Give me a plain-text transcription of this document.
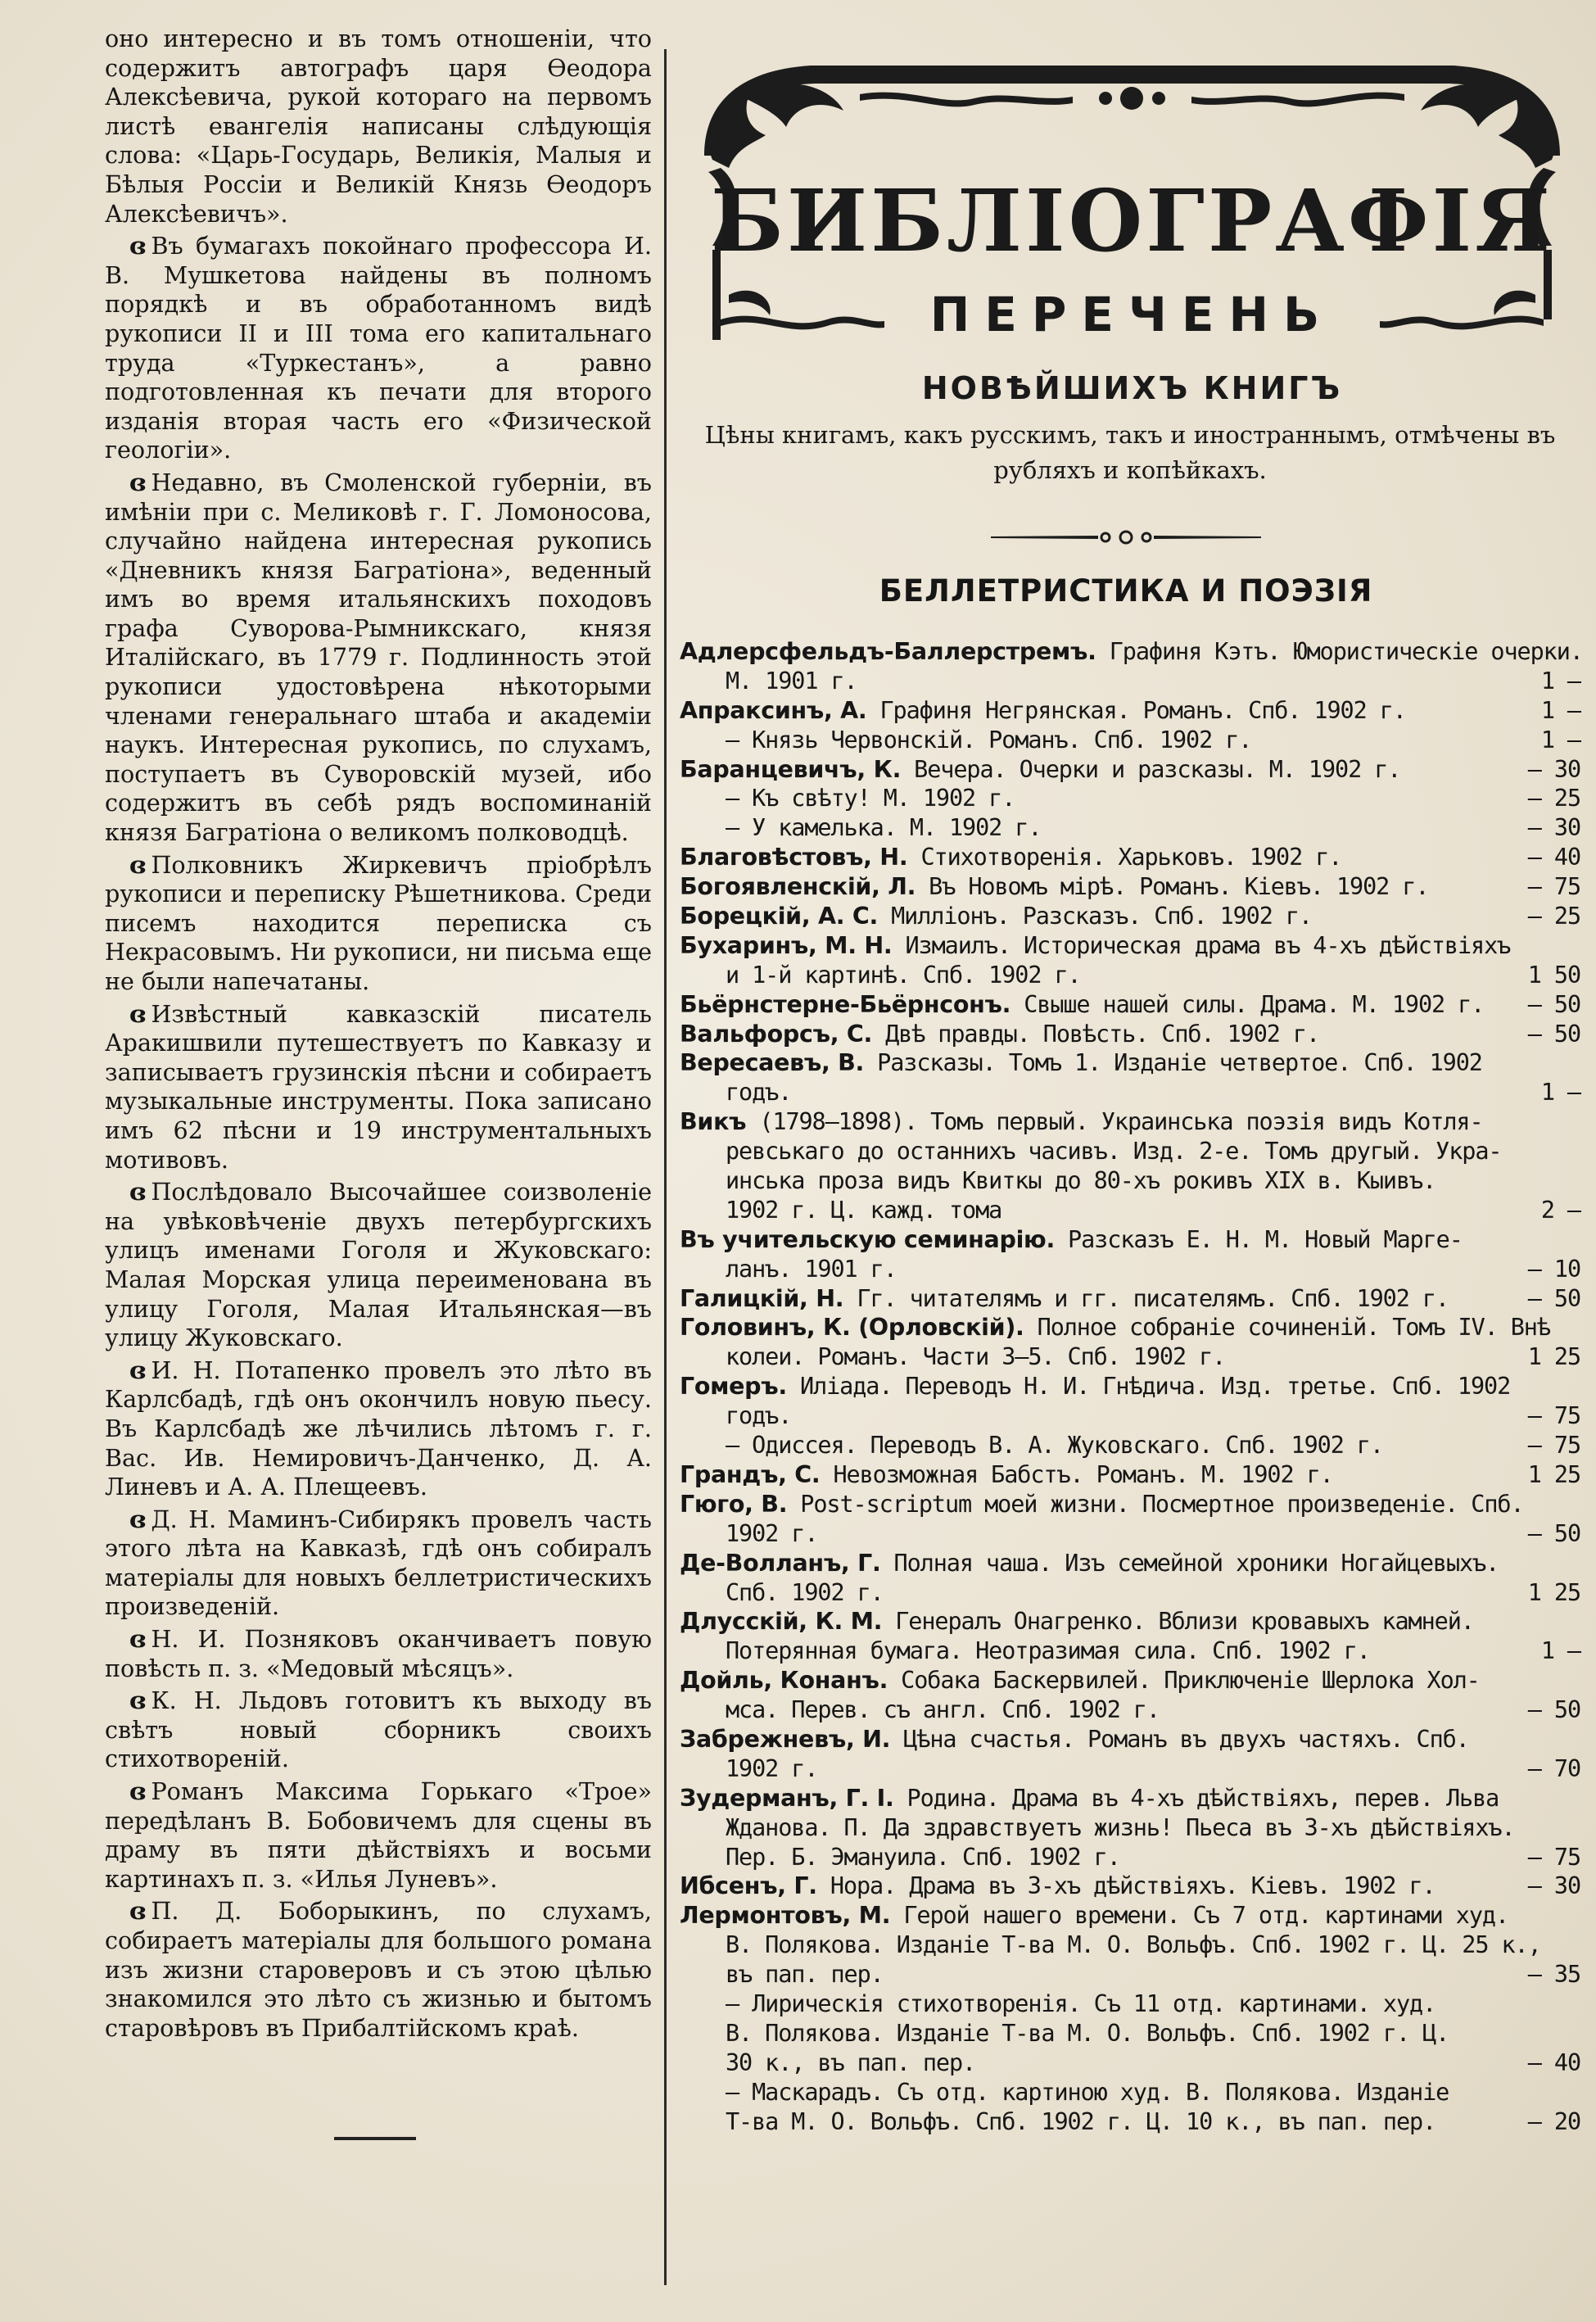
оно интересно и въ томъ отношенiи, что содержитъ автографъ царя Өеодора Алексѣевича, рукой котораго на первомъ листѣ евангелiя написаны слѣдующiя слова: «Царь-Государь, Великiя, Малыя и Бѣлыя Россiи и Великiй Князь Өеодоръ Алексѣевичъ».

ɞ Въ бумагахъ покойнаго профессора И. В. Мушкетова найдены въ полномъ порядкѣ и въ обработанномъ видѣ рукописи II и III тома его капитальнаго труда «Туркестанъ», а равно подготовленная къ печати для второго изданiя вторая часть его «Физической геологiи».

ɞ Недавно, въ Смоленской губернiи, въ имѣнiи при с. Меликовѣ г. Г. Ломоносова, случайно найдена интересная рукопись «Дневникъ князя Багратiона», веденный имъ во время итальянскихъ походовъ графа Суворова-Рымникскаго, князя Италiйскаго, въ 1779 г. Подлинность этой рукописи удостовѣрена нѣкоторыми членами генеральнаго штаба и академiи наукъ. Интересная рукопись, по слухамъ, поступаетъ въ Суворовскiй музей, ибо содержитъ въ себѣ рядъ воспоминанiй князя Багратiона о великомъ полководцѣ.

ɞ Полковникъ Жиркевичъ прiобрѣлъ рукописи и переписку Рѣшетникова. Среди писемъ находится переписка съ Некрасовымъ. Ни рукописи, ни письма еще не были напечатаны.

ɞ Извѣстный кавказскiй писатель Аракишвили путешествуетъ по Кавказу и записываетъ грузинскiя пѣсни и собираетъ музыкальные инструменты. Пока записано имъ 62 пѣсни и 19 инструментальныхъ мотивовъ.

ɞ Послѣдовало Высочайшее соизволенiе на увѣковѣченiе двухъ петербургскихъ улицъ именами Гоголя и Жуковскаго: Малая Морская улица переименована въ улицу Гоголя, Малая Итальянская—въ улицу Жуковскаго.

ɞ И. Н. Потапенко провелъ это лѣто въ Карлсбадѣ, гдѣ онъ окончилъ новую пьесу. Въ Карлсбадѣ же лѣчились лѣтомъ г. г. Вас. Ив. Немировичъ-Данченко, Д. А. Линевъ и А. А. Плещеевъ.

ɞ Д. Н. Маминъ-Сибирякъ провелъ часть этого лѣта на Кавказѣ, гдѣ онъ собиралъ матерiалы для новыхъ беллетристическихъ произведенiй.

ɞ Н. И. Позняковъ оканчиваетъ повую повѣсть п. з. «Медовый мѣсяцъ».

ɞ К. Н. Льдовъ готовитъ къ выходу въ свѣтъ новый сборникъ своихъ стихотворенiй.

ɞ Романъ Максима Горькаго «Трое» передѣланъ В. Бобовичемъ для сцены въ драму въ пяти дѣйствiяхъ и восьми картинахъ п. з. «Илья Луневъ».

ɞ П. Д. Боборыкинъ, по слухамъ, собираетъ матерiалы для большого романа изъ жизни староверовъ и съ этою цѣлью знакомился это лѣто съ жизнью и бытомъ старовѣровъ въ Прибалтiйскомъ краѣ.

БИБЛIОГРАФIЯ
ПЕРЕЧЕНЬ
НОВѢЙШИХЪ КНИГЪ
Цѣны книгамъ, какъ русскимъ, такъ и иностраннымъ, отмѣчены въ рубляхъ и копѣйкахъ.
БЕЛЛЕТРИСТИКА И ПОЭЗIЯ
Адлерсфельдъ-Баллерстремъ. Графиня Кэтъ. Юмористическiе очерки.
М. 1901 г.	1 —
Апраксинъ, А. Графиня Негрянская. Романъ. Спб. 1902 г.	1 —
— Князь Червонскiй. Романъ. Спб. 1902 г.	1 —
Баранцевичъ, К. Вечера. Очерки и разсказы. М. 1902 г.	— 30
— Къ свѣту! М. 1902 г.	— 25
— У камелька. М. 1902 г.	— 30
Благовѣстовъ, Н. Стихотворенiя. Харьковъ. 1902 г.	— 40
Богоявленскiй, Л. Въ Новомъ мiрѣ. Романъ. Кiевъ. 1902 г.	— 75
Борецкiй, А. С. Миллiонъ. Разсказъ. Спб. 1902 г.	— 25
Бухаринъ, М. Н. Измаилъ. Историческая драма въ 4-хъ дѣйствiяхъ
и 1-й картинѣ. Спб. 1902 г.	1 50
Бьёрнстерне-Бьёрнсонъ. Свыше нашей силы. Драма. М. 1902 г. — 50
Вальфорсъ, С. Двѣ правды. Повѣсть. Спб. 1902 г.	— 50
Вересаевъ, В. Разсказы. Томъ 1. Изданiе четвертое. Спб. 1902
годъ.	1 —
Викъ (1798—1898). Томъ первый. Украинська поэзiя видъ Котля-
ревськаго до останнихъ часивъ. Изд. 2-е. Томъ другый. Укра-
инська проза видъ Квиткы до 80-хъ рокивъ XIX в. Кыивъ.
1902 г. Ц. кажд. тома	2 —
Въ учительскую семинарiю. Разсказъ Е. Н. М. Новый Марге-
ланъ. 1901 г.	— 10
Галицкiй, Н. Гг. читателямъ и гг. писателямъ. Спб. 1902 г.	— 50
Головинъ, К. (Орловскiй). Полное собранiе сочиненiй. Томъ IV. Внѣ
колеи. Романъ. Части 3—5. Спб. 1902 г.	1 25
Гомеръ. Илiада. Переводъ Н. И. Гнѣдича. Изд. третье. Спб. 1902
годъ.	— 75
— Одиссея. Переводъ В. А. Жуковскаго. Спб. 1902 г.	— 75
Грандъ, С. Невозможная Бабстъ. Романъ. М. 1902 г.	1 25
Гюго, В. Post-scriptum моей жизни. Посмертное произведенiе. Спб.
1902 г.	— 50
Де-Волланъ, Г. Полная чаша. Изъ семейной хроники Ногайцевыхъ.
Спб. 1902 г.	1 25
Длусскiй, К. М. Генералъ Онагренко. Вблизи кровавыхъ камней.
Потерянная бумага. Неотразимая сила. Спб. 1902 г.	1 —
Дойль, Конанъ. Собака Баскервилей. Приключенiе Шерлока Хол-
мса. Перев. съ англ. Спб. 1902 г.	— 50
Забрежневъ, И. Цѣна счастья. Романъ въ двухъ частяхъ. Спб.
1902 г.	— 70
Зудерманъ, Г. I. Родина. Драма въ 4-хъ дѣйствiяхъ, перев. Льва
Жданова. П. Да здравствуетъ жизнь! Пьеса въ 3-хъ дѣйствiяхъ.
Пер. Б. Эмануила. Спб. 1902 г.	— 75
Ибсенъ, Г. Нора. Драма въ 3-хъ дѣйствiяхъ. Кiевъ. 1902 г.	— 30
Лермонтовъ, М. Герой нашего времени. Съ 7 отд. картинами худ.
В. Полякова. Изданiе Т-ва М. О. Вольфъ. Спб. 1902 г. Ц. 25 к.,
въ пап. пер.	— 35
— Лирическiя стихотворенiя. Съ 11 отд. картинами. худ.
В. Полякова. Изданiе Т-ва М. О. Вольфъ. Спб. 1902 г. Ц.
30 к., въ пап. пер.	— 40
— Маскарадъ. Съ отд. картиною худ. В. Полякова. Изданiе
Т-ва М. О. Вольфъ. Спб. 1902 г. Ц. 10 к., въ пап. пер.	— 20
